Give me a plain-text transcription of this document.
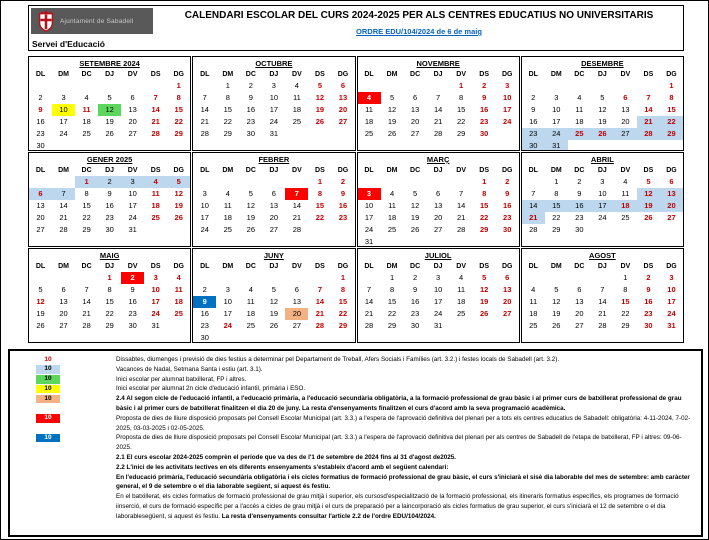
Ajuntament de Sabadell	CALENDARI ESCOLAR DEL CURS 2024-2025 PER ALS CENTRES EDUCATIUS NO UNIVERSITARIS
ORDRE EDU/104/2024 de 6 de maig
Servei d'Educació
SETEMBRE 2024
DL	DM	DC	DJ	DV	DS	DG
						1
2	3	4	5	6	7	8
9	10	11	12	13	14	15
16	17	18	19	20	21	22
23	24	25	26	27	28	29
30						
OCTUBRE
DL	DM	DC	DJ	DV	DS	DG
	1	2	3	4	5	6
7	8	9	10	11	12	13
14	15	16	17	18	19	20
21	22	23	24	25	26	27
28	29	30	31			
NOVEMBRE
DL	DM	DC	DJ	DV	DS	DG
				1	2	3
4	5	6	7	8	9	10
11	12	13	14	15	16	17
18	19	20	21	22	23	24
25	26	27	28	29	30	
DESEMBRE
DL	DM	DC	DJ	DV	DS	DG
						1
2	3	4	5	6	7	8
9	10	11	12	13	14	15
16	17	18	19	20	21	22
23	24	25	26	27	28	29
30	31					
GENER 2025
DL	DM	DC	DJ	DV	DS	DG
		1	2	3	4	5
6	7	8	9	10	11	12
13	14	15	16	17	18	19
20	21	22	23	24	25	26
27	28	29	30	31		
FEBRER
DL	DM	DC	DJ	DV	DS	DG
					1	2
3	4	5	6	7	8	9
10	11	12	13	14	15	16
17	18	19	20	21	22	23
24	25	26	27	28		
MARÇ
DL	DM	DC	DJ	DV	DS	DG
					1	2
3	4	5	6	7	8	9
10	11	12	13	14	15	16
17	18	19	20	21	22	23
24	25	26	27	28	29	30
31						
ABRIL
DL	DM	DC	DJ	DV	DS	DG
	1	2	3	4	5	6
7	8	9	10	11	12	13
14	15	16	17	18	19	20
21	22	23	24	25	26	27
28	29	30				
MAIG
DL	DM	DC	DJ	DV	DS	DG
			1	2	3	4
5	6	7	8	9	10	11
12	13	14	15	16	17	18
19	20	21	22	23	24	25
26	27	28	29	30	31	
JUNY
DL	DM	DC	DJ	DV	DS	DG
						1
2	3	4	5	6	7	8
9	10	11	12	13	14	15
16	17	18	19	20	21	22
23	24	25	26	27	28	29
30						
JULIOL
DL	DM	DC	DJ	DV	DS	DG
	1	2	3	4	5	6
7	8	9	10	11	12	13
14	15	16	17	18	19	20
21	22	23	24	25	26	27
28	29	30	31			
AGOST
DL	DM	DC	DJ	DV	DS	DG
				1	2	3
4	5	6	7	8	9	10
11	12	13	14	15	16	17
18	19	20	21	22	23	24
25	26	27	28	29	30	31
10	Dissabtes, diumenges i previsió de dies festius a determinar pel Departament de Treball, Afers Socials i Famílies (art. 3.2.) i festes locals de Sabadell (art. 3.2).
10	Vacances de Nadal, Setmana Santa i estiu (art. 3.1).
10	Inici escolar per alumnat batxillerat, FP i altres.
10	Inici escolar per alumnat 2n cicle d'educació infantil, primària i ESO.
10	2.4 Al segon cicle de l'educació infantil, a l'educació primària, a l'educació secundària obligatòria, a la formació professional de grau bàsic i al primer curs de batxillerat professional de grau bàsic i al primer curs de batxillerat finalitzen el dia 20 de juny. La resta d'ensenyaments finalitzen el curs d'acord amb la seva programació acadèmica.
10	Proposta de dies de lliure disposició proposats pel Consell Escolar Municipal (art. 3.3.) a l'espera de l'aprovació definitiva del plenari per a tots els centres educatius de Sabadell: obligatòria: 4-11-2024, 7-02-2025, 03-03-2025 i 02-05-2025.
10	Proposta de dies de lliure disposició proposats pel Consell Escolar Municipal (art. 3.3.) a l'espera de l'aprovació definitiva del plenari per als centres de Sabadell de l'etapa de batxillerat, FP i altres: 09-06-2025.
2.1 El curs escolar 2024-2025 comprèn el període que va des de l'1 de setembre de 2024 fins al 31 d'agost de2025.
2.2 L'inici de les activitats lectives en els diferents ensenyaments s'estableix d'acord amb el següent calendari:
En l'educació primària, l'educació secundària obligatòria i els cicles formatius de formació professional de grau bàsic, el curs s'iniciarà el sisè dia laborable del mes de setembre: amb caràcter general, el 9 de setembre o el dia laborable següent, si aquest és festiu.
En el batxillerat, els cicles formatius de formació professional de grau mitjà i superior, els cursosd'especialització de la formació professional, els itineraris formatius específics, els programes de formació iinserció, el curs de formació específic per a l'accés a cicles de grau mitjà i el curs de preparació per a laincorporació als cicles formatius de grau superior, el curs s'iniciarà el 12 de setembre o el dia laborablesegüent, si aquest és festiu. La resta d'ensenyaments consultar l'article 2.2 de l'ordre EDU/104/2024.
